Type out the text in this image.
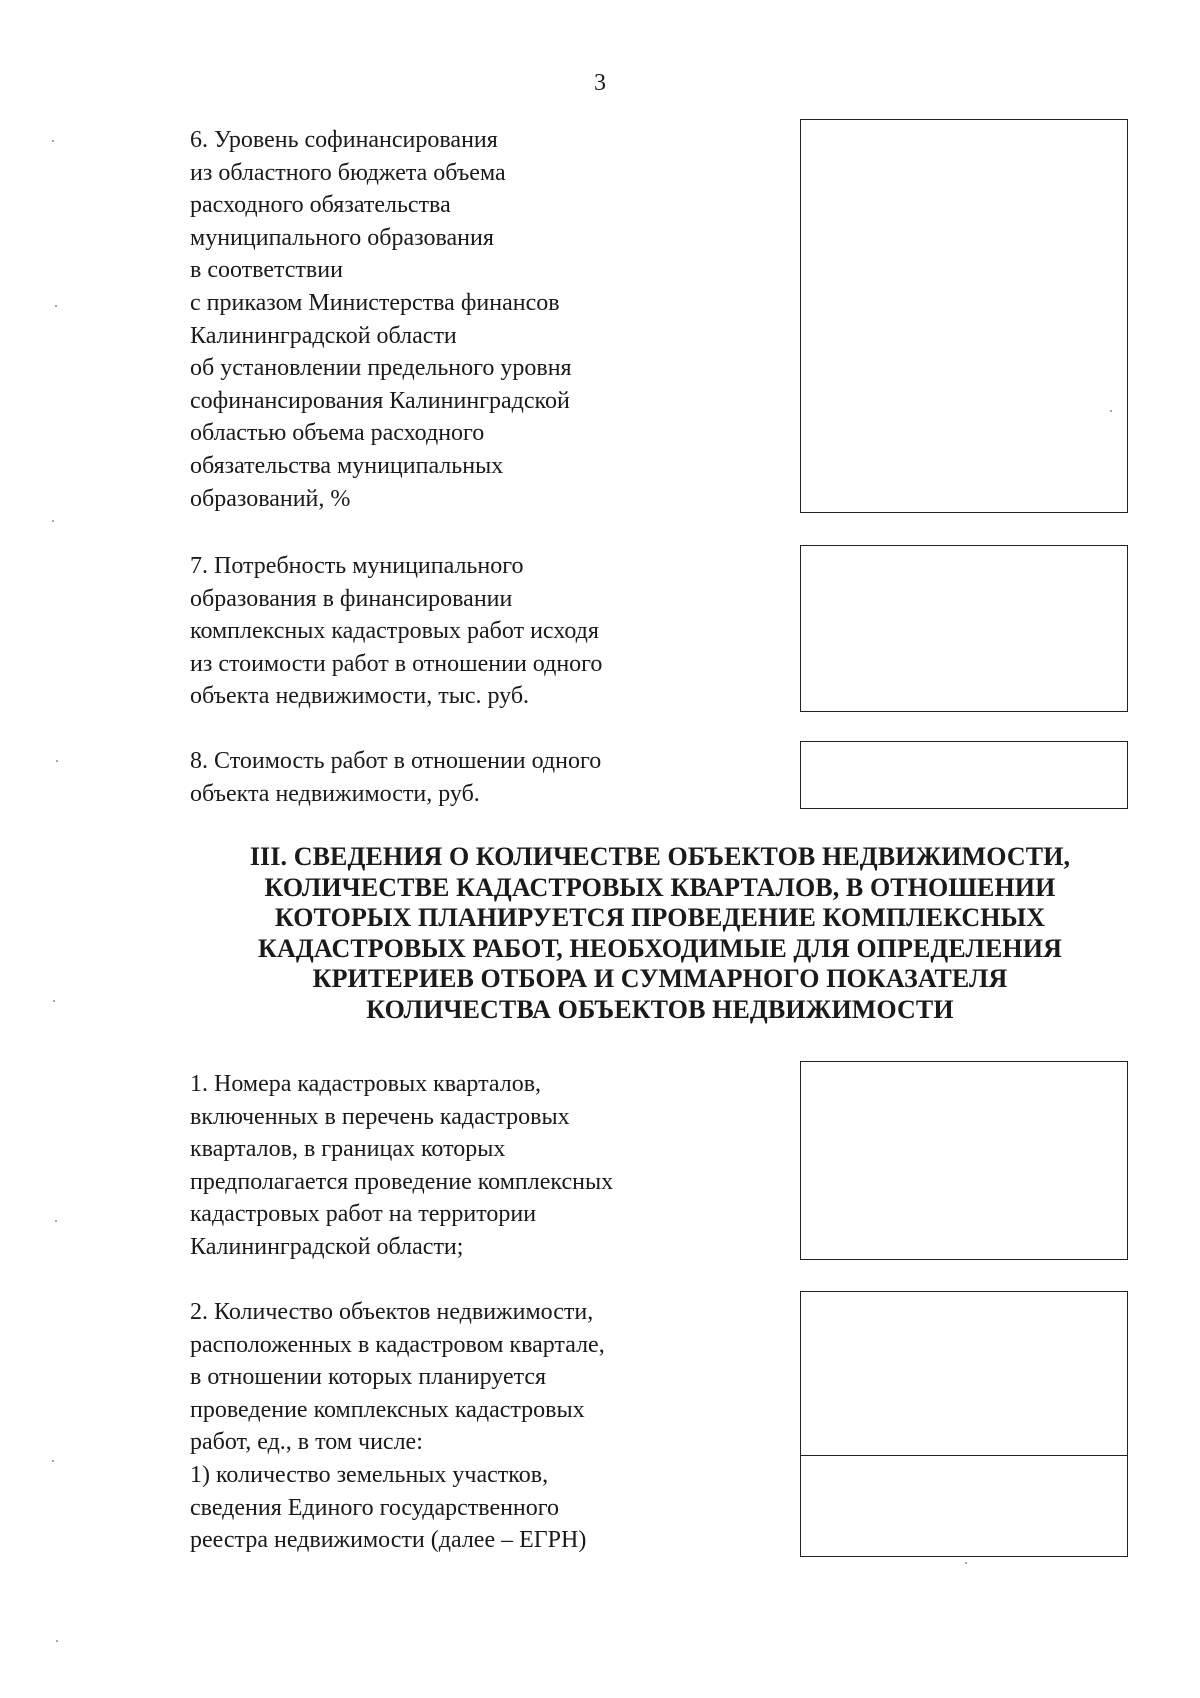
3
6. Уровень софинансирования
из областного бюджета объема
расходного обязательства
муниципального образования
в соответствии
с приказом Министерства финансов
Калининградской области
об установлении предельного уровня
софинансирования Калининградской
областью объема расходного
обязательства муниципальных
образований, %
7. Потребность муниципального
образования в финансировании
комплексных кадастровых работ исходя
из стоимости работ в отношении одного
объекта недвижимости, тыс. руб.
8. Стоимость работ в отношении одного
объекта недвижимости, руб.
III. СВЕДЕНИЯ О КОЛИЧЕСТВЕ ОБЪЕКТОВ НЕДВИЖИМОСТИ,
КОЛИЧЕСТВЕ КАДАСТРОВЫХ КВАРТАЛОВ, В ОТНОШЕНИИ
КОТОРЫХ ПЛАНИРУЕТСЯ ПРОВЕДЕНИЕ КОМПЛЕКСНЫХ
КАДАСТРОВЫХ РАБОТ, НЕОБХОДИМЫЕ ДЛЯ ОПРЕДЕЛЕНИЯ
КРИТЕРИЕВ ОТБОРА И СУММАРНОГО ПОКАЗАТЕЛЯ
КОЛИЧЕСТВА ОБЪЕКТОВ НЕДВИЖИМОСТИ
1. Номера кадастровых кварталов,
включенных в перечень кадастровых
кварталов, в границах которых
предполагается проведение комплексных
кадастровых работ на территории
Калининградской области;
2. Количество объектов недвижимости,
расположенных в кадастровом квартале,
в отношении которых планируется
проведение комплексных кадастровых
работ, ед., в том числе:
1) количество земельных участков,
сведения Единого государственного
реестра недвижимости (далее – ЕГРН)
